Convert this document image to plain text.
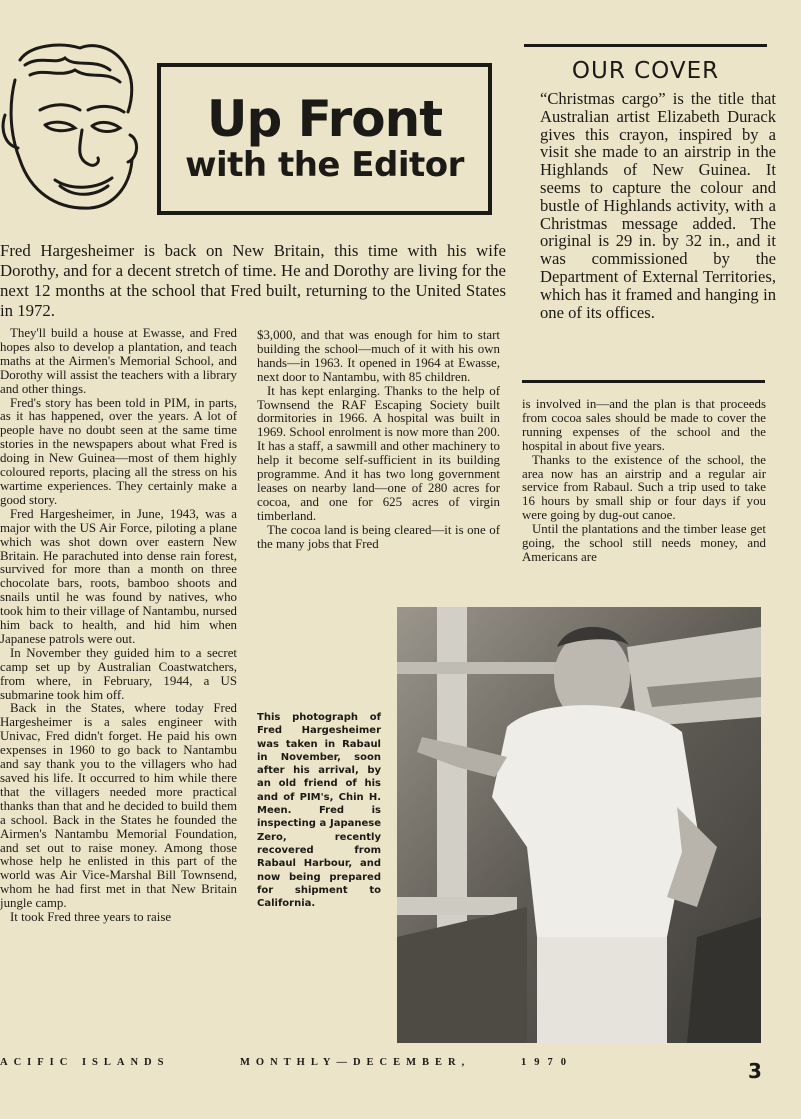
Up Front
with the Editor
OUR COVER
“Christmas cargo” is the title that Australian artist Elizabeth Durack gives this crayon, inspired by a visit she made to an airstrip in the Highlands of New Guinea. It seems to capture the colour and bustle of Highlands activity, with a Christmas message added. The original is 29 in. by 32 in., and it was commissioned by the Department of External Territories, which has it framed and hanging in one of its offices.
Fred Hargesheimer is back on New Britain, this time with his wife Dorothy, and for a decent stretch of time. He and Dorothy are living for the next 12 months at the school that Fred built, returning to the United States in 1972.

They'll build a house at Ewasse, and Fred hopes also to develop a plantation, and teach maths at the Airmen's Memorial School, and Dorothy will assist the teachers with a library and other things.

Fred's story has been told in PIM, in parts, as it has happened, over the years. A lot of people have no doubt seen at the same time stories in the newspapers about what Fred is doing in New Guinea—most of them highly coloured reports, placing all the stress on his wartime experiences. They certainly make a good story.

Fred Hargesheimer, in June, 1943, was a major with the US Air Force, piloting a plane which was shot down over eastern New Britain. He parachuted into dense rain forest, survived for more than a month on three chocolate bars, roots, bamboo shoots and snails until he was found by natives, who took him to their village of Nantambu, nursed him back to health, and hid him when Japanese patrols were out.

In November they guided him to a secret camp set up by Australian Coastwatchers, from where, in February, 1944, a US submarine took him off.

Back in the States, where today Fred Hargesheimer is a sales engineer with Univac, Fred didn't forget. He paid his own expenses in 1960 to go back to Nantambu and say thank you to the villagers who had saved his life. It occurred to him while there that the villagers needed more practical thanks than that and he decided to build them a school. Back in the States he founded the Airmen's Nantambu Memorial Foundation, and set out to raise money. Among those whose help he enlisted in this part of the world was Air Vice-Marshal Bill Townsend, whom he had first met in that New Britain jungle camp.

It took Fred three years to raise

$3,000, and that was enough for him to start building the school—much of it with his own hands—in 1963. It opened in 1964 at Ewasse, next door to Nantambu, with 85 children.

It has kept enlarging. Thanks to the help of Townsend the RAF Escaping Society built dormitories in 1966. A hospital was built in 1969. School enrolment is now more than 200. It has a staff, a sawmill and other machinery to help it become self-sufficient in its building programme. And it has two long government leases on nearby land—one of 280 acres for cocoa, and one for 625 acres of virgin timberland.

The cocoa land is being cleared—it is one of the many jobs that Fred

is involved in—and the plan is that proceeds from cocoa sales should be made to cover the running expenses of the school and the hospital in about five years.

Thanks to the existence of the school, the area now has an airstrip and a regular air service from Rabaul. Such a trip used to take 16 hours by small ship or four days if you were going by dug-out canoe.

Until the plantations and the timber lease get going, the school still needs money, and Americans are

This photograph of Fred Hargesheimer was taken in Rabaul in November, soon after his arrival, by an old friend of his and of PIM's, Chin H. Meen. Fred is inspecting a Japanese Zero, recently recovered from Rabaul Harbour, and now being prepared for shipment to California.
ACIFIC ISLANDS	MONTHLY—DECEMBER,	1970	3
